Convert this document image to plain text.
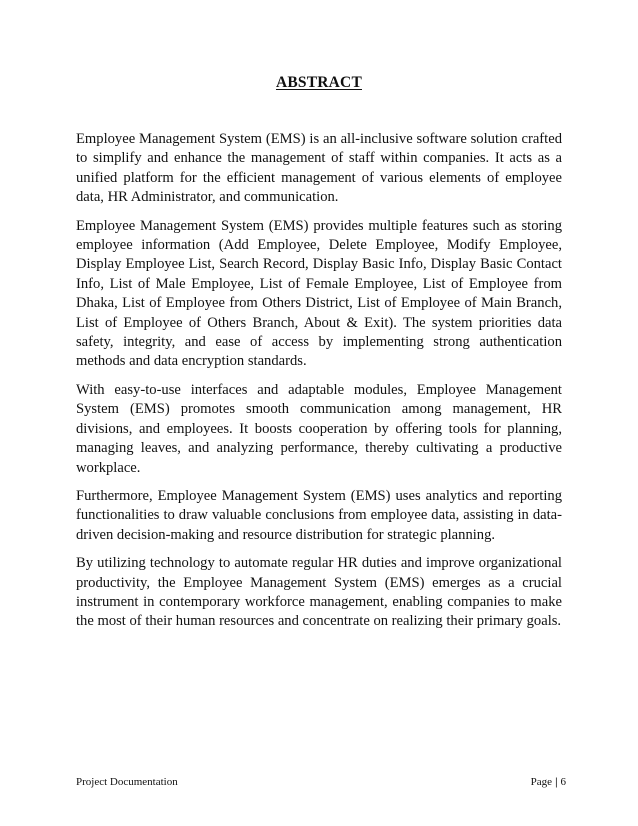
ABSTRACT

Employee Management System (EMS) is an all-inclusive software solution crafted to simplify and enhance the management of staff within companies. It acts as a unified platform for the efficient management of various elements of employee data, HR Administrator, and communication.

Employee Management System (EMS) provides multiple features such as storing employee information (Add Employee, Delete Employee, Modify Employee, Display Employee List, Search Record, Display Basic Info, Display Basic Contact Info, List of Male Employee, List of Female Employee, List of Employee from Dhaka, List of Employee from Others District, List of Employee of Main Branch, List of Employee of Others Branch, About & Exit). The system priorities data safety, integrity, and ease of access by implementing strong authentication methods and data encryption standards.

With easy-to-use interfaces and adaptable modules, Employee Management System (EMS) promotes smooth communication among management, HR divisions, and employees. It boosts cooperation by offering tools for planning, managing leaves, and analyzing performance, thereby cultivating a productive workplace.

Furthermore, Employee Management System (EMS) uses analytics and reporting functionalities to draw valuable conclusions from employee data, assisting in data-driven decision-making and resource distribution for strategic planning.

By utilizing technology to automate regular HR duties and improve organizational productivity, the Employee Management System (EMS) emerges as a crucial instrument in contemporary workforce management, enabling companies to make the most of their human resources and concentrate on realizing their primary goals.

Project Documentation	Page | 6
